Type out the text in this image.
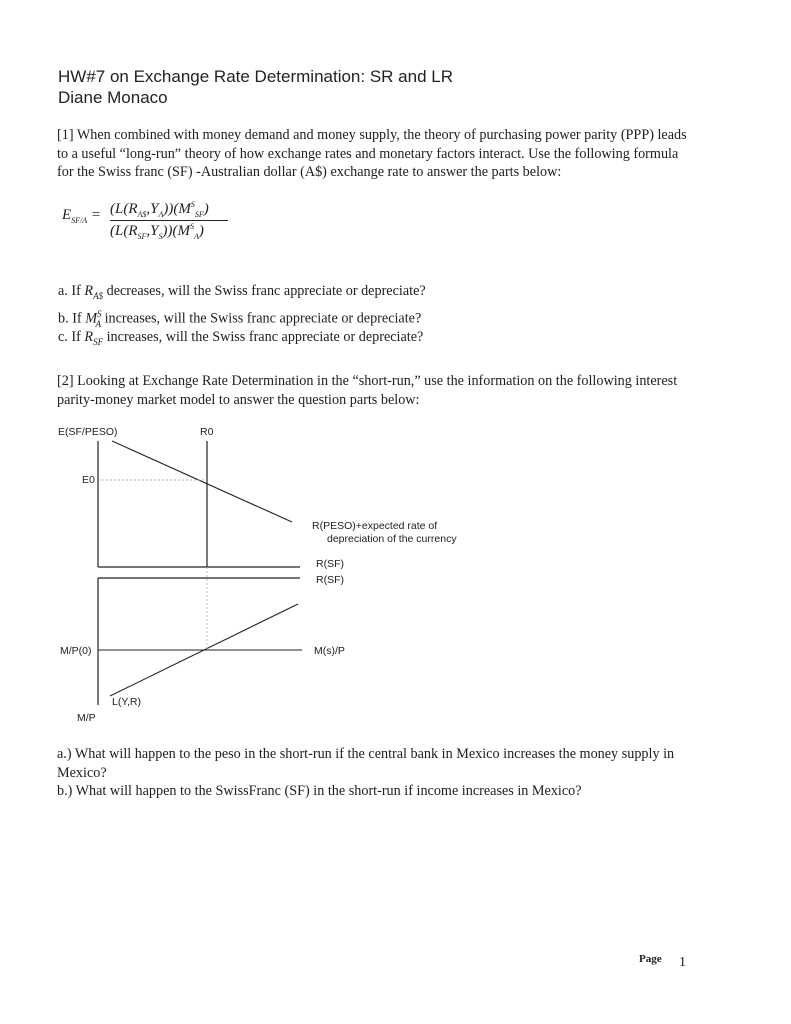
HW#7 on Exchange Rate Determination: SR and LR
Diane Monaco
[1] When combined with money demand and money supply, the theory of purchasing power parity (PPP) leads to a useful “long-run” theory of how exchange rates and monetary factors interact. Use the following formula for the Swiss franc (SF) -Australian dollar (A$) exchange rate to answer the parts below:
$E_{SF/A} = (L(R_{A\$},Y_A))(M^S_{SF})$
$(L(R_{SF},Y_S))(M^S_A)$
a. If $R_{A\$}$ decreases, will the Swiss franc appreciate or depreciate?
b. If $M^S_A$ increases, will the Swiss franc appreciate or depreciate?
c. If $R_{SF}$ increases, will the Swiss franc appreciate or depreciate?
[2] Looking at Exchange Rate Determination in the “short-run,” use the information on the following interest parity-money market model to answer the question parts below:
E(SF/PESO)	R0
E0
R(PESO)+expected rate of
depreciation of the currency
R(SF)
R(SF)
M/P(0)	M(s)/P
L(Y,R)
M/P
a.) What will happen to the peso in the short-run if the central bank in Mexico increases the money supply in Mexico?
b.) What will happen to the SwissFranc (SF) in the short-run if income increases in Mexico?
Page	1
